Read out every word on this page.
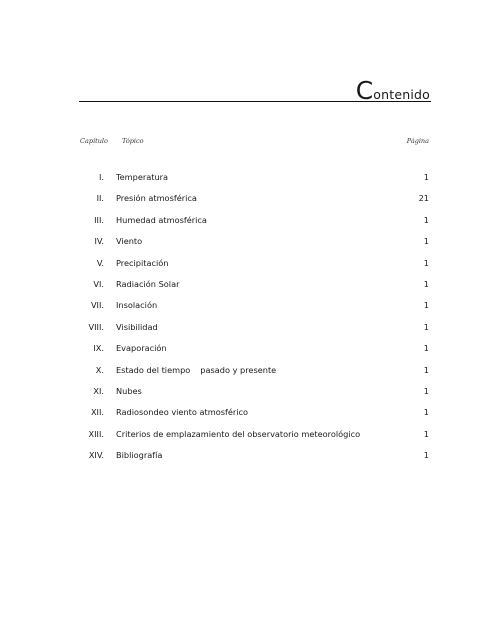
Contenido
Capítulo Tópico	Página
I. Temperatura	1
II. Presión atmosférica	21
III. Humedad atmosférica	1
IV. Viento	1
V. Precipitación	1
VI. Radiación Solar	1
VII. Insolación	1
VIII. Visibilidad	1
IX. Evaporación	1
X. Estado del tiempo pasado y presente	1
XI. Nubes	1
XII. Radiosondeo viento atmosférico	1
XIII. Criterios de emplazamiento del observatorio meteorológico	1
XIV. Bibliografía	1
